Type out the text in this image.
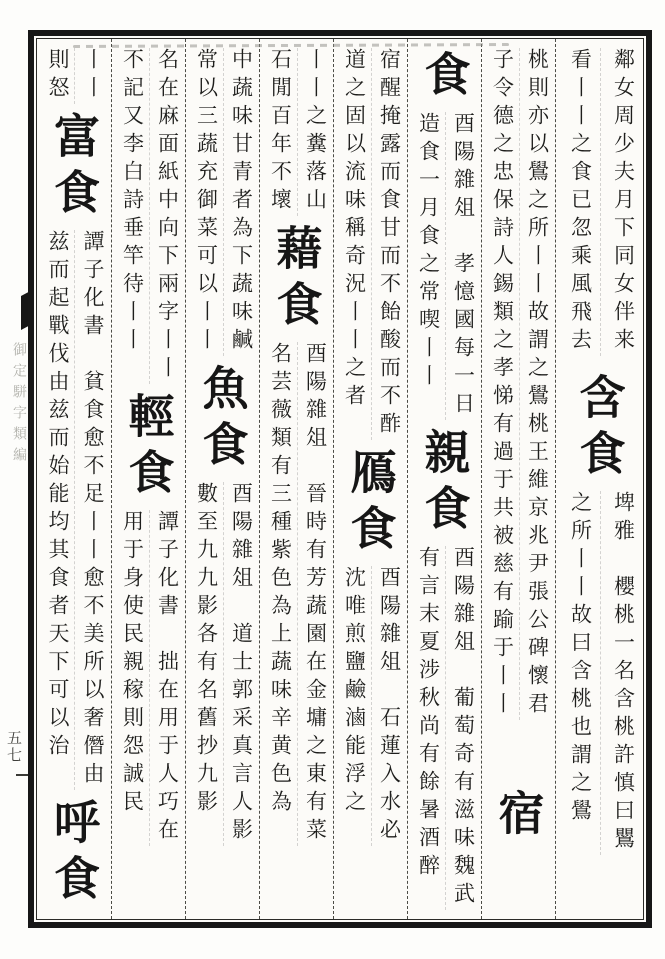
御定駢字類編
五七
鄰女周少夫月下同女伴来
看丨丨之食已忽乘風飛去
含食
埤雅　櫻桃一名含桃許慎曰鸎
之所丨丨故曰含桃也謂之鷽
桃則亦以鷽之所丨丨故謂之鷽桃王維京兆尹張公碑懷君
子令德之忠保詩人錫類之孝悌有過于共被慈有踰于丨丨
宿
食
酉陽雜俎　孝憶國每一日
造食一月食之常喫丨丨
親食
酉陽雜俎　葡萄奇有滋味魏武
有言末夏涉秋尚有餘暑酒醉
宿醒掩露而食甘而不飴酸而不酢
道之固以流味稱奇況丨丨之者
鴈食
酉陽雜俎　石蓮入水必
沈唯煎鹽鹼滷能浮之
丨丨之糞落山
石閒百年不壞
藉食
酉陽雜俎　晉時有芳蔬園在金墉之東有菜
名芸薇類有三種紫色為上蔬味辛黄色為
中蔬味甘青者為下蔬味鹹
常以三蔬充御菜可以丨丨
魚食
酉陽雜俎　道士郭采真言人影
數至九九影各有名舊抄九影
名在麻面紙中向下兩字丨丨
不記又李白詩垂竿待丨丨
輕食
譚子化書　拙在用于人巧在
用于身使民親稼則怨誠民
丨丨
則怒
富食
譚子化書　貧食愈不足丨丨愈不美所以奢僭由
兹而起戰伐由兹而始能均其食者天下可以治
呼食
